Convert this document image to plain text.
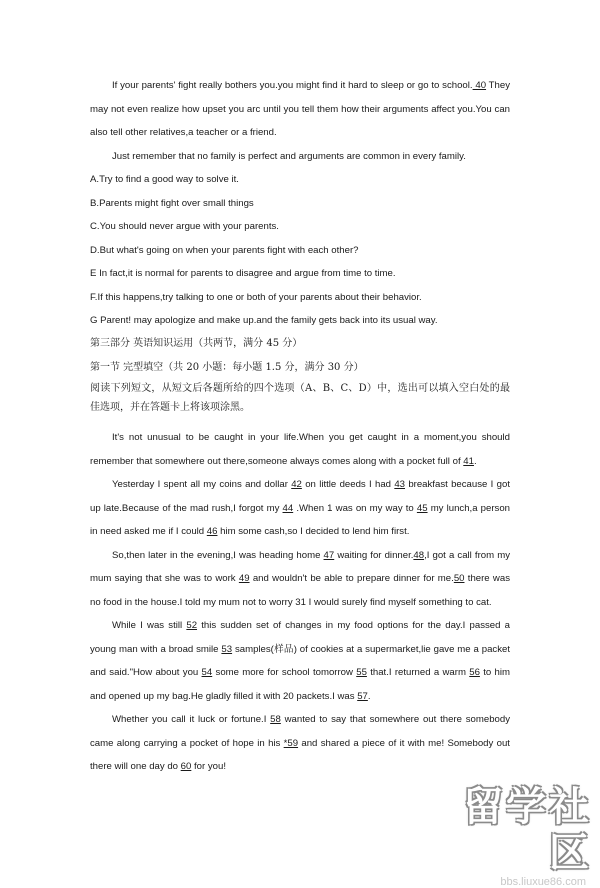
If your parents' fight really bothers you.you might find it hard to sleep or go to school. 40 They may not even realize how upset you arc until you tell them how their arguments affect you.You can also tell other relatives,a teacher or a friend.

Just remember that no family is perfect and arguments are common in every family.

A.Try to find a good way to solve it.

B.Parents might fight over small things

C.You should never argue with your parents.

D.But what's going on when your parents fight with each other?

E In fact,it is normal for parents to disagree and argue from time to time.

F.If this happens,try talking to one or both of your parents about their behavior.

G Parent! may apologize and make up.and the family gets back into its usual way.

第三部分 英语知识运用（共两节，满分 45 分）

第一节 完型填空（共 20 小题：每小题 1.5 分，满分 30 分）

阅读下列短文，从短文后各题所给的四个选项（A、B、C、D）中，选出可以填入空白处的最佳选项，并在答题卡上将该项涂黑。

It's not unusual to be caught in your life.When you get caught in a moment,you should remember that somewhere out there,someone always comes along with a pocket full of 41.

Yesterday I spent all my coins and dollar 42 on little deeds I had 43 breakfast because I got up late.Because of the mad rush,I forgot my 44 .When 1 was on my way to 45 my lunch,a person in need asked me if I could 46 him some cash,so I decided to lend him first.

So,then later in the evening,I was heading home 47 waiting for dinner.48,I got a call from my mum saying that she was to work 49 and wouldn't be able to prepare dinner for me.50 there was no food in the house.I told my mum not to worry 31 I would surely find myself something to cat.

While I was still 52 this sudden set of changes in my food options for the day.I passed a young man with a broad smile 53 samples(样品) of cookies at a supermarket,lie gave me a packet and said."How about you 54 some more for school tomorrow 55 that.I returned a warm 56 to him and opened up my bag.He gladly filled it with 20 packets.I was 57.

Whether you call it luck or fortune.I 58 wanted to say that somewhere out there somebody came along carrying a pocket of hope in his *59 and shared a piece of it with me! Somebody out there will one day do 60 for you!

留学社区
bbs.liuxue86.com
